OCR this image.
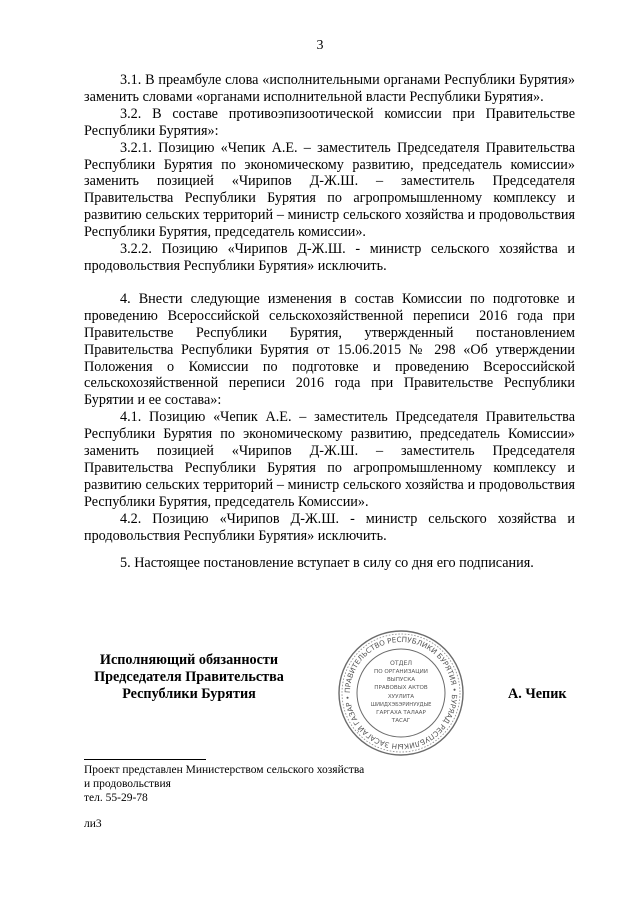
3

3.1. В преамбуле слова «исполнительными органами Республики Бурятия» заменить словами «органами исполнительной власти Республики Бурятия».

3.2. В составе противоэпизоотической комиссии при Правительстве Республики Бурятия»:

3.2.1. Позицию «Чепик А.Е. – заместитель Председателя Правительства Республики Бурятия по экономическому развитию, председатель комиссии» заменить позицией «Чирипов Д-Ж.Ш. – заместитель Председателя Правительства Республики Бурятия по агропромышленному комплексу и развитию сельских территорий – министр сельского хозяйства и продовольствия Республики Бурятия, председатель комиссии».

3.2.2. Позицию «Чирипов Д-Ж.Ш. - министр сельского хозяйства и продовольствия Республики Бурятия» исключить.

4. Внести следующие изменения в состав Комиссии по подготовке и проведению Всероссийской сельскохозяйственной переписи 2016 года при Правительстве Республики Бурятия, утвержденный постановлением Правительства Республики Бурятия от 15.06.2015 № 298 «Об утверждении Положения о Комиссии по подготовке и проведению Всероссийской сельскохозяйственной переписи 2016 года при Правительстве Республики Бурятии и ее состава»:

4.1. Позицию «Чепик А.Е. – заместитель Председателя Правительства Республики Бурятия по экономическому развитию, председатель Комиссии» заменить позицией «Чирипов Д-Ж.Ш. – заместитель Председателя Правительства Республики Бурятия по агропромышленному комплексу и развитию сельских территорий – министр сельского хозяйства и продовольствия Республики Бурятия, председатель Комиссии».

4.2. Позицию «Чирипов Д-Ж.Ш. - министр сельского хозяйства и продовольствия Республики Бурятия» исключить.

5. Настоящее постановление вступает в силу со дня его подписания.

Исполняющий обязанности
Председателя Правительства
Республики Бурятия	ПРАВИТЕЛЬСТВО РЕСПУБЛИКИ БУРЯТИЯ • БУРЯАД РЕСПУБЛИКЫН ЗАСАГАЙ ГАЗАР •
ОТДЕЛ
ПО ОРГАНИЗАЦИИ
ВЫПУСКА
ПРАВОВЫХ АКТОВ
ХУУЛИТА
ШИИДХЭБЭРИНУУДЫЕ
ГАРГАХА ТАЛААР
ТАСАГ
А. Чепик
Проект представлен Министерством сельского хозяйства
и продовольствия
тел. 55-29-78
ли3
